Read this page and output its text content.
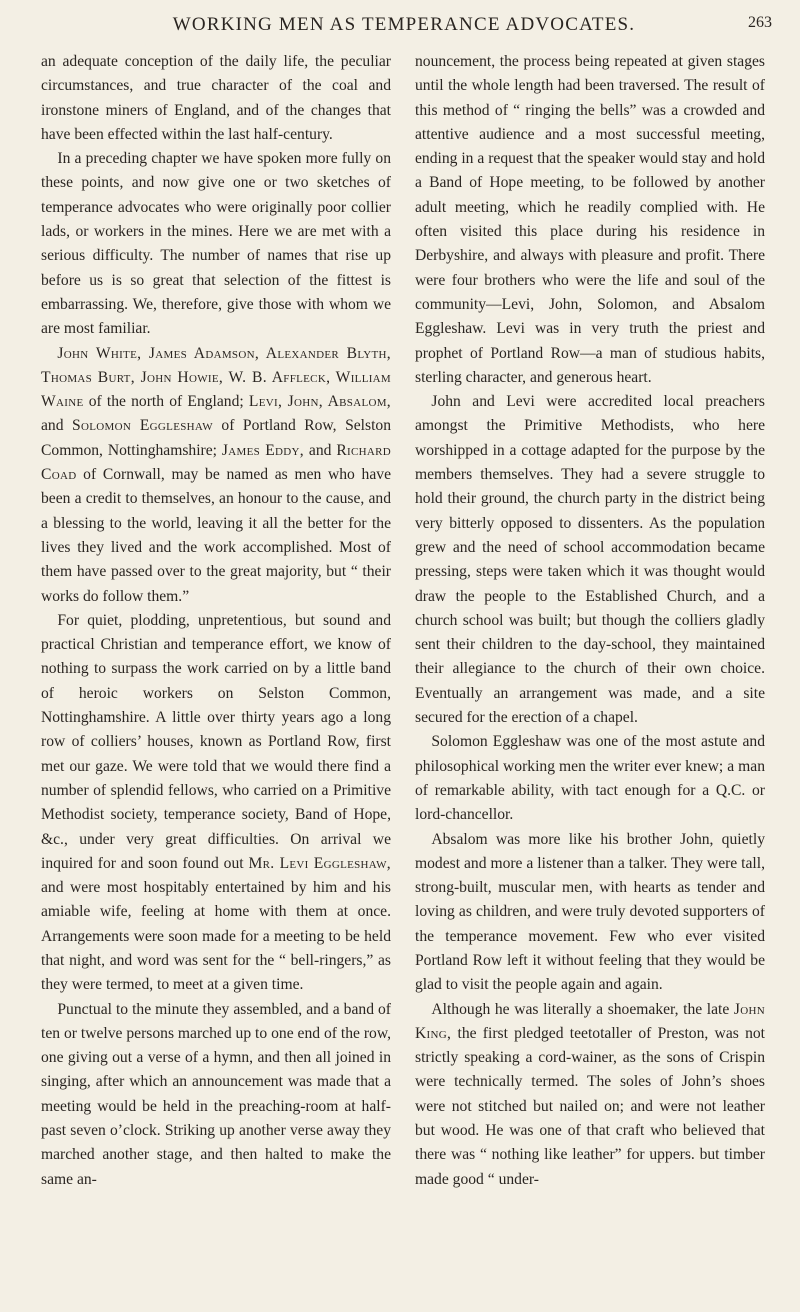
WORKING MEN AS TEMPERANCE ADVOCATES.	263

an adequate conception of the daily life, the peculiar circumstances, and true character of the coal and ironstone miners of England, and of the changes that have been effected within the last half-century.

In a preceding chapter we have spoken more fully on these points, and now give one or two sketches of temperance advocates who were originally poor collier lads, or workers in the mines. Here we are met with a serious difficulty. The number of names that rise up before us is so great that selection of the fittest is embarrassing. We, therefore, give those with whom we are most familiar.

John White, James Adamson, Alexander Blyth, Thomas Burt, John Howie, W. B. Affleck, William Waine of the north of England; Levi, John, Absalom, and Solomon Eggleshaw of Portland Row, Selston Common, Nottinghamshire; James Eddy, and Richard Coad of Cornwall, may be named as men who have been a credit to themselves, an honour to the cause, and a blessing to the world, leaving it all the better for the lives they lived and the work accomplished. Most of them have passed over to the great majority, but “ their works do follow them.”

For quiet, plodding, unpretentious, but sound and practical Christian and temperance effort, we know of nothing to surpass the work carried on by a little band of heroic workers on Selston Common, Nottinghamshire. A little over thirty years ago a long row of colliers’ houses, known as Portland Row, first met our gaze. We were told that we would there find a number of splendid fellows, who carried on a Primitive Methodist society, temperance society, Band of Hope, &c., under very great difficulties. On arrival we inquired for and soon found out Mr. Levi Eggleshaw, and were most hospitably entertained by him and his amiable wife, feeling at home with them at once. Arrangements were soon made for a meeting to be held that night, and word was sent for the “ bell-ringers,” as they were termed, to meet at a given time.

Punctual to the minute they assembled, and a band of ten or twelve persons marched up to one end of the row, one giving out a verse of a hymn, and then all joined in singing, after which an announcement was made that a meeting would be held in the preaching-room at half-past seven o’clock. Striking up another verse away they marched another stage, and then halted to make the same an-

nouncement, the process being repeated at given stages until the whole length had been traversed. The result of this method of “ ringing the bells” was a crowded and attentive audience and a most successful meeting, ending in a request that the speaker would stay and hold a Band of Hope meeting, to be followed by another adult meeting, which he readily complied with. He often visited this place during his residence in Derbyshire, and always with pleasure and profit. There were four brothers who were the life and soul of the community—Levi, John, Solomon, and Absalom Eggleshaw. Levi was in very truth the priest and prophet of Portland Row—a man of studious habits, sterling character, and generous heart.

John and Levi were accredited local preachers amongst the Primitive Methodists, who here worshipped in a cottage adapted for the purpose by the members themselves. They had a severe struggle to hold their ground, the church party in the district being very bitterly opposed to dissenters. As the population grew and the need of school accommodation became pressing, steps were taken which it was thought would draw the people to the Established Church, and a church school was built; but though the colliers gladly sent their children to the day-school, they maintained their allegiance to the church of their own choice. Eventually an arrangement was made, and a site secured for the erection of a chapel.

Solomon Eggleshaw was one of the most astute and philosophical working men the writer ever knew; a man of remarkable ability, with tact enough for a Q.C. or lord-chancellor.

Absalom was more like his brother John, quietly modest and more a listener than a talker. They were tall, strong-built, muscular men, with hearts as tender and loving as children, and were truly devoted supporters of the temperance movement. Few who ever visited Portland Row left it without feeling that they would be glad to visit the people again and again.

Although he was literally a shoemaker, the late John King, the first pledged teetotaller of Preston, was not strictly speaking a cord-wainer, as the sons of Crispin were technically termed. The soles of John’s shoes were not stitched but nailed on; and were not leather but wood. He was one of that craft who believed that there was “ nothing like leather” for uppers. but timber made good “ under-
